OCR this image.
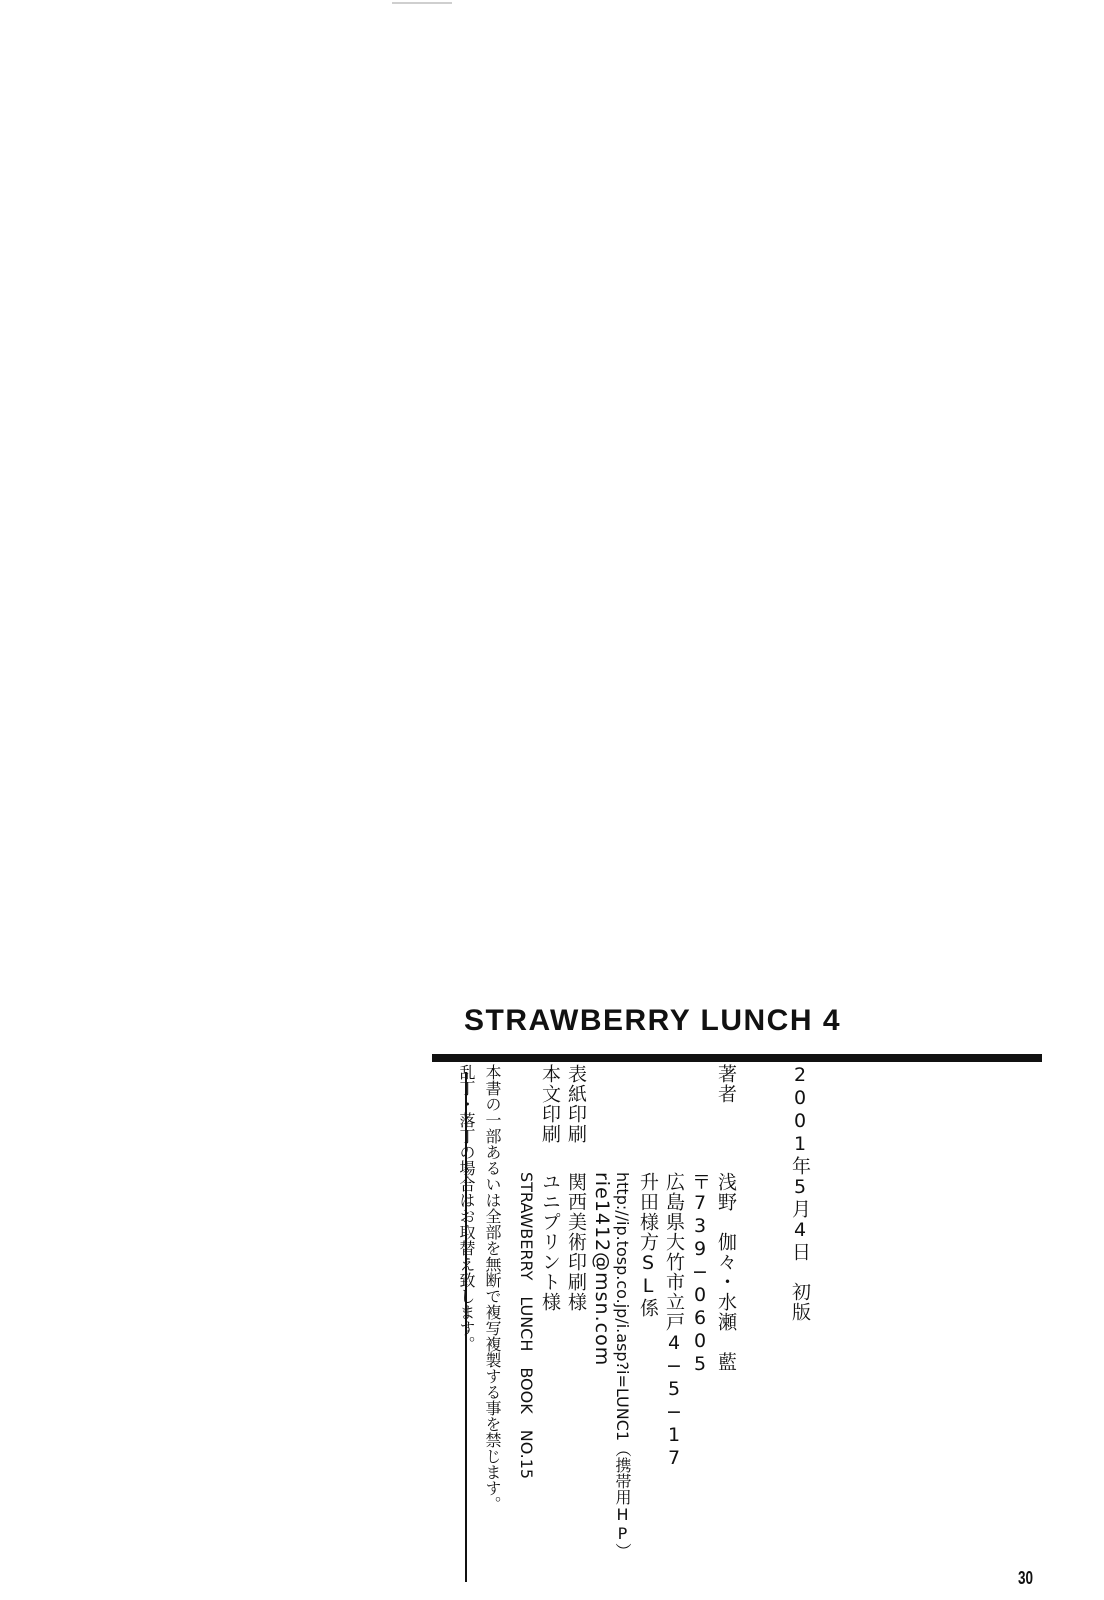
STRAWBERRY LUNCH 4
2001年5月4日　初版
著者
浅野　伽々・水瀬　藍
〒739−0605
広島県大竹市立戸4−5−17
升田様方SL係
http://ip.tosp.co.jp/i.asp?i=LUNC1（携帯用HP）
rie1412@msn.com
表紙印刷
関西美術印刷様
本文印刷
ユニプリント様
STRAWBERRY　LUNCH　BOOK　NO.15
本書の一部あるいは全部を無断で複写複製する事を禁じます。
乱丁・落丁の場合はお取替え致します。
30
